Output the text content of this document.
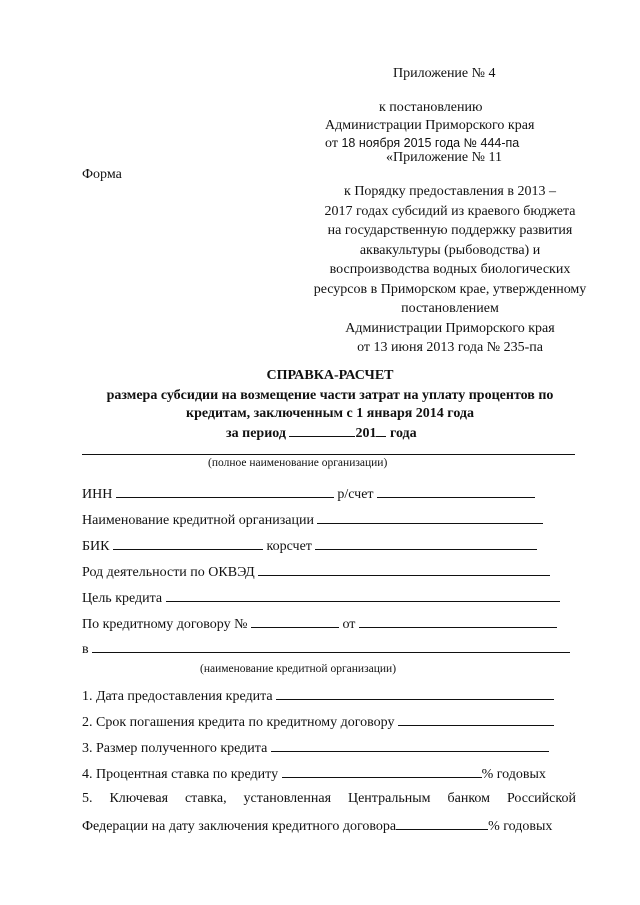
Приложение № 4
к постановлению
Администрации Приморского края
от 18 ноября 2015 года № 444-па
«Приложение № 11
Форма
к Порядку предоставления в 2013 –
2017 годах субсидий из краевого бюджета
на государственную поддержку развития
аквакультуры (рыбоводства) и
воспроизводства водных биологических
ресурсов в Приморском крае, утвержденному
постановлением
Администрации Приморского края
от 13 июня 2013 года № 235-па
СПРАВКА-РАСЧЕТ
размера субсидии на возмещение части затрат на уплату процентов по
кредитам, заключенным с 1 января 2014 года
за период	201 года
(полное наименование организации)
ИНН	р/счет
Наименование кредитной организации
БИК	корсчет
Род деятельности по ОКВЭД
Цель кредита
По кредитному договору №	от
в
(наименование кредитной организации)
1. Дата предоставления кредита
2. Срок погашения кредита по кредитному договору
3. Размер полученного кредита
4. Процентная ставка по кредиту	% годовых
5. Ключевая ставка, установленная Центральным банком Российской
Федерации на дату заключения кредитного договора	% годовых
